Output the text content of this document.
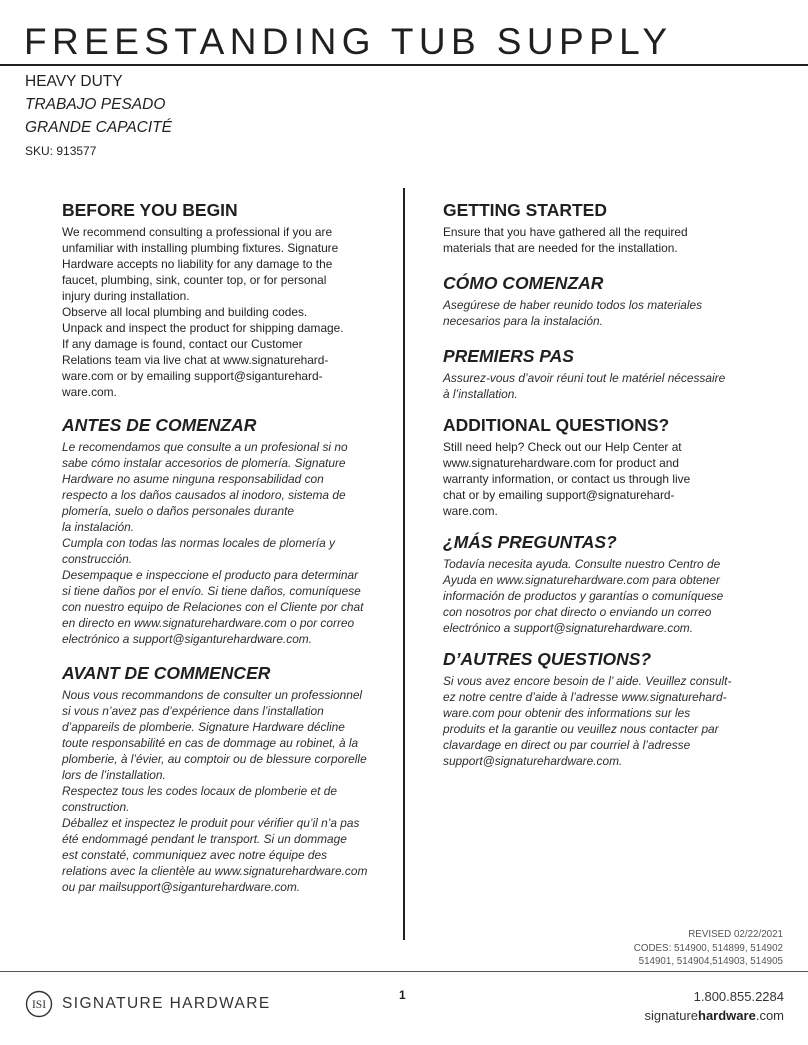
FREESTANDING TUB SUPPLY
HEAVY DUTY
TRABAJO PESADO
GRANDE CAPACITÉ
SKU: 913577
BEFORE YOU BEGIN
We recommend consulting a professional if you are
unfamiliar with installing plumbing fixtures. Signature
Hardware accepts no liability for any damage to the
faucet, plumbing, sink, counter top, or for personal
injury during installation.
Observe all local plumbing and building codes.
Unpack and inspect the product for shipping damage.
If any damage is found, contact our Customer
Relations team via live chat at www.signaturehard-
ware.com or by emailing support@siganturehard-
ware.com.
ANTES DE COMENZAR
Le recomendamos que consulte a un profesional si no
sabe cómo instalar accesorios de plomería. Signature
Hardware no asume ninguna responsabilidad con
respecto a los daños causados al inodoro, sistema de
plomería, suelo o daños personales durante
la instalación.
Cumpla con todas las normas locales de plomería y
construcción.
Desempaque e inspeccione el producto para determinar
si tiene daños por el envío. Si tiene daños, comuníquese
con nuestro equipo de Relaciones con el Cliente por chat
en directo en www.signaturehardware.com o por correo
electrónico a support@siganturehardware.com.
AVANT DE COMMENCER
Nous vous recommandons de consulter un professionnel
si vous n’avez pas d’expérience dans l’installation
d’appareils de plomberie. Signature Hardware décline
toute responsabilité en cas de dommage au robinet, à la
plomberie, à l’évier, au comptoir ou de blessure corporelle
lors de l’installation.
Respectez tous les codes locaux de plomberie et de
construction.
Déballez et inspectez le produit pour vérifier qu’il n’a pas
été endommagé pendant le transport. Si un dommage
est constaté, communiquez avec notre équipe des
relations avec la clientèle au www.signaturehardware.com
ou par mailsupport@siganturehardware.com.
GETTING STARTED
Ensure that you have gathered all the required
materials that are needed for the installation.
CÓMO COMENZAR
Asegúrese de haber reunido todos los materiales
necesarios para la instalación.
PREMIERS PAS
Assurez-vous d’avoir réuni tout le matériel nécessaire
à l’installation.
ADDITIONAL QUESTIONS?
Still need help? Check out our Help Center at
www.signaturehardware.com for product and
warranty information, or contact us through live
chat or by emailing support@signaturehard-
ware.com.
¿MÁS PREGUNTAS?
Todavía necesita ayuda. Consulte nuestro Centro de
Ayuda en www.signaturehardware.com para obtener
información de productos y garantías o comuníquese
con nosotros por chat directo o enviando un correo
electrónico a support@signaturehardware.com.
D’AUTRES QUESTIONS?
Si vous avez encore besoin de l’ aide. Veuillez consult-
ez notre centre d’aide à l’adresse www.signaturehard-
ware.com pour obtenir des informations sur les
produits et la garantie ou veuillez nous contacter par
clavardage en direct ou par courriel à l’adresse
support@signaturehardware.com.
REVISED 02/22/2021
CODES: 514900, 514899, 514902
514901, 514904,514903, 514905
ISI SIGNATURE HARDWARE	1	1.800.855.2284
signaturehardware.com
